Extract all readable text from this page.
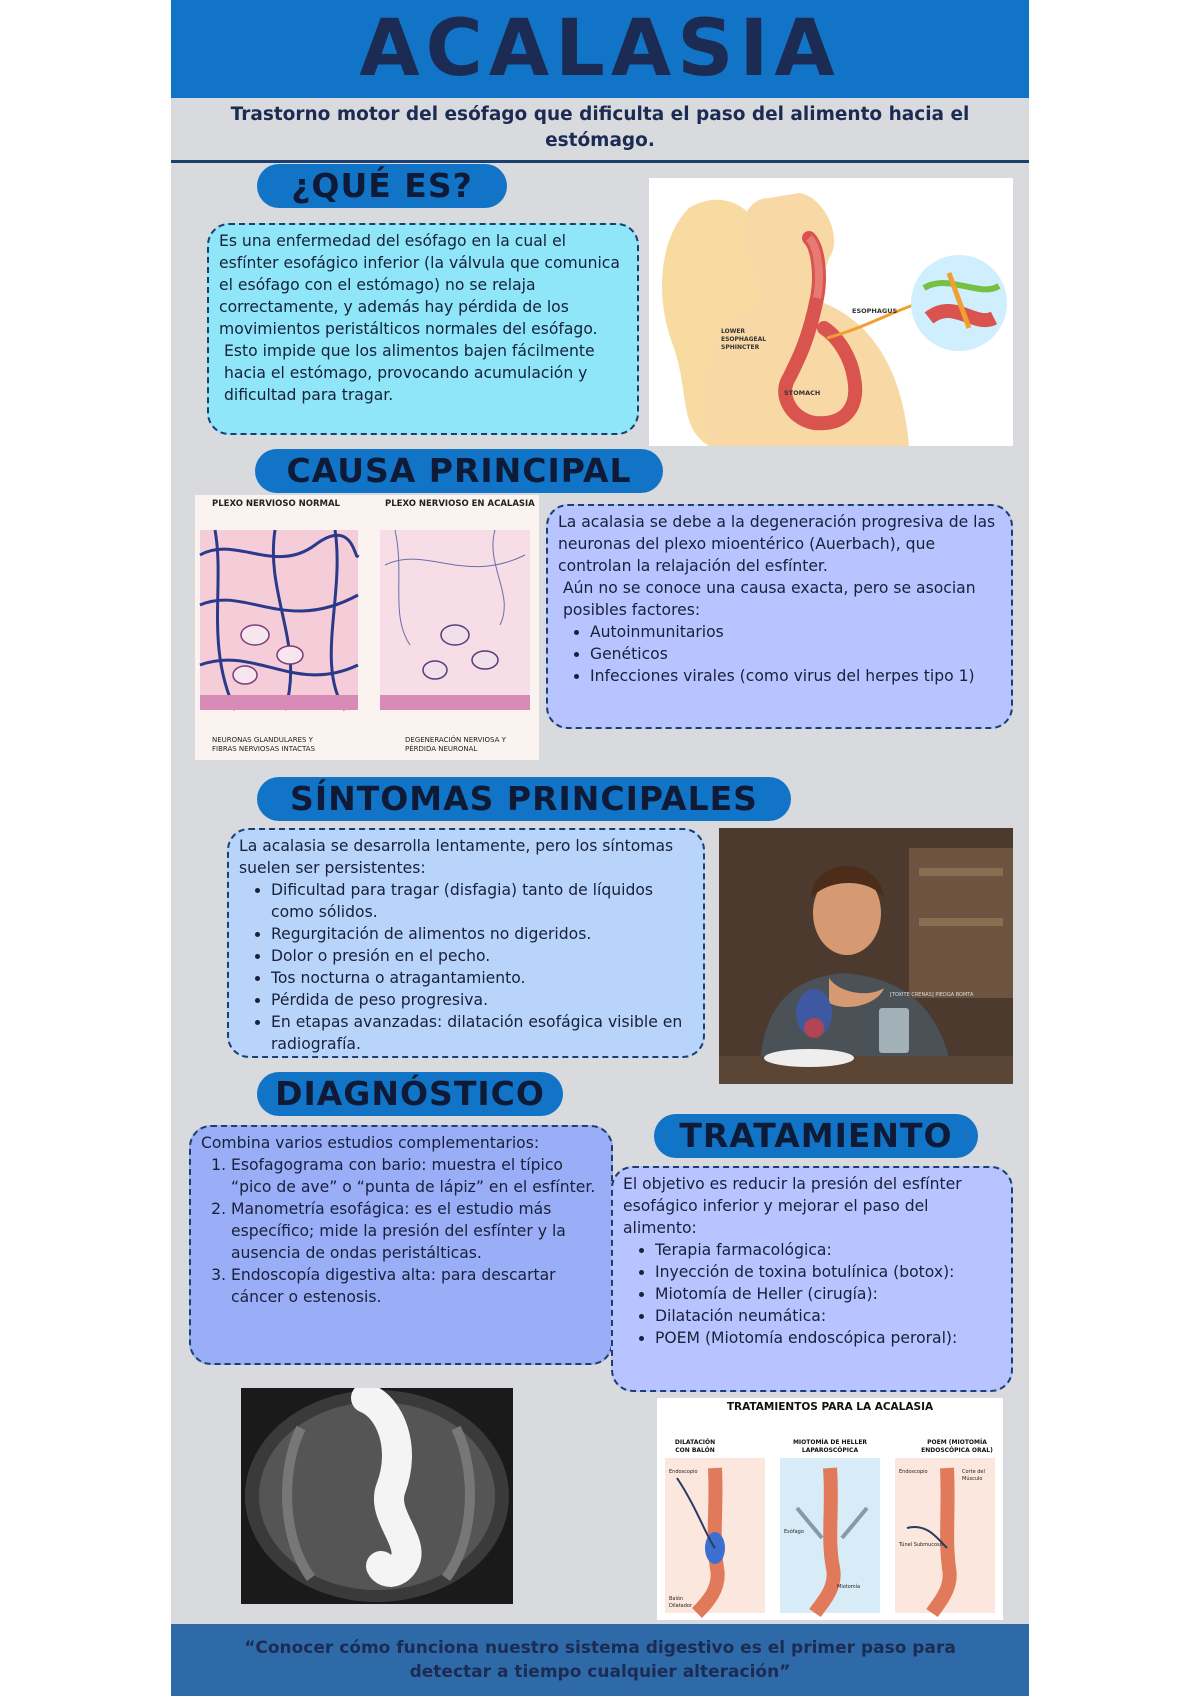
ACALASIA
Trastorno motor del esófago que dificulta el paso del alimento hacia el estómago.
¿QUÉ ES?

Es una enfermedad del esófago en la cual el esfínter esofágico inferior (la válvula que comunica el esófago con el estómago) no se relaja correctamente, y además hay pérdida de los movimientos peristálticos normales del esófago.

Esto impide que los alimentos bajen fácilmente hacia el estómago, provocando acumulación y dificultad para tragar.

ESOPHAGUS
LOWER
ESOPHAGEAL
SPHINCTER
STOMACH
CAUSA PRINCIPAL
PLEXO NERVIOSO NORMAL	PLEXO NERVIOSO EN ACALASIA
NEURONAS GLANDULARES Y
FIBRAS NERVIOSAS INTACTAS
DEGENERACIÓN NERVIOSA Y
PÉRDIDA NEURONAL

La acalasia se debe a la degeneración progresiva de las neuronas del plexo mioentérico (Auerbach), que controlan la relajación del esfínter.

Aún no se conoce una causa exacta, pero se asocian posibles factores:

• Autoinmunitarios
• Genéticos
• Infecciones virales (como virus del herpes tipo 1)
SÍNTOMAS PRINCIPALES

La acalasia se desarrolla lentamente, pero los síntomas suelen ser persistentes:

• Dificultad para tragar (disfagia) tanto de líquidos como sólidos.
• Regurgitación de alimentos no digeridos.
• Dolor o presión en el pecho.
• Tos nocturna o atragantamiento.
• Pérdida de peso progresiva.
• En etapas avanzadas: dilatación esofágica visible en radiografía.
[TOXITE CRENAS] PIEDGA BOMTA
DIAGNÓSTICO

Combina varios estudios complementarios:

1. Esofagograma con bario: muestra el típico “pico de ave” o “punta de lápiz” en el esfínter.
2. Manometría esofágica: es el estudio más específico; mide la presión del esfínter y la ausencia de ondas peristálticas.
3. Endoscopía digestiva alta: para descartar cáncer o estenosis.
TRATAMIENTO

El objetivo es reducir la presión del esfínter esofágico inferior y mejorar el paso del alimento:

• Terapia farmacológica:
• Inyección de toxina botulínica (botox):
• Miotomía de Heller (cirugía):
• Dilatación neumática:
• POEM (Miotomía endoscópica peroral):
TRATAMIENTOS PARA LA ACALASIA
DILATACIÓN
CON BALÓN
MIOTOMÍA DE HELLER
LAPAROSCÓPICA
POEM (MIOTOMÍA
ENDOSCÓPICA ORAL)
Endoscopio
Esófago
Miotomía
Endoscopio	Corte del
Músculo
Túnel Submucoso
Balón
Dilatador
“Conocer cómo funciona nuestro sistema digestivo es el primer paso para detectar a tiempo cualquier alteración”
